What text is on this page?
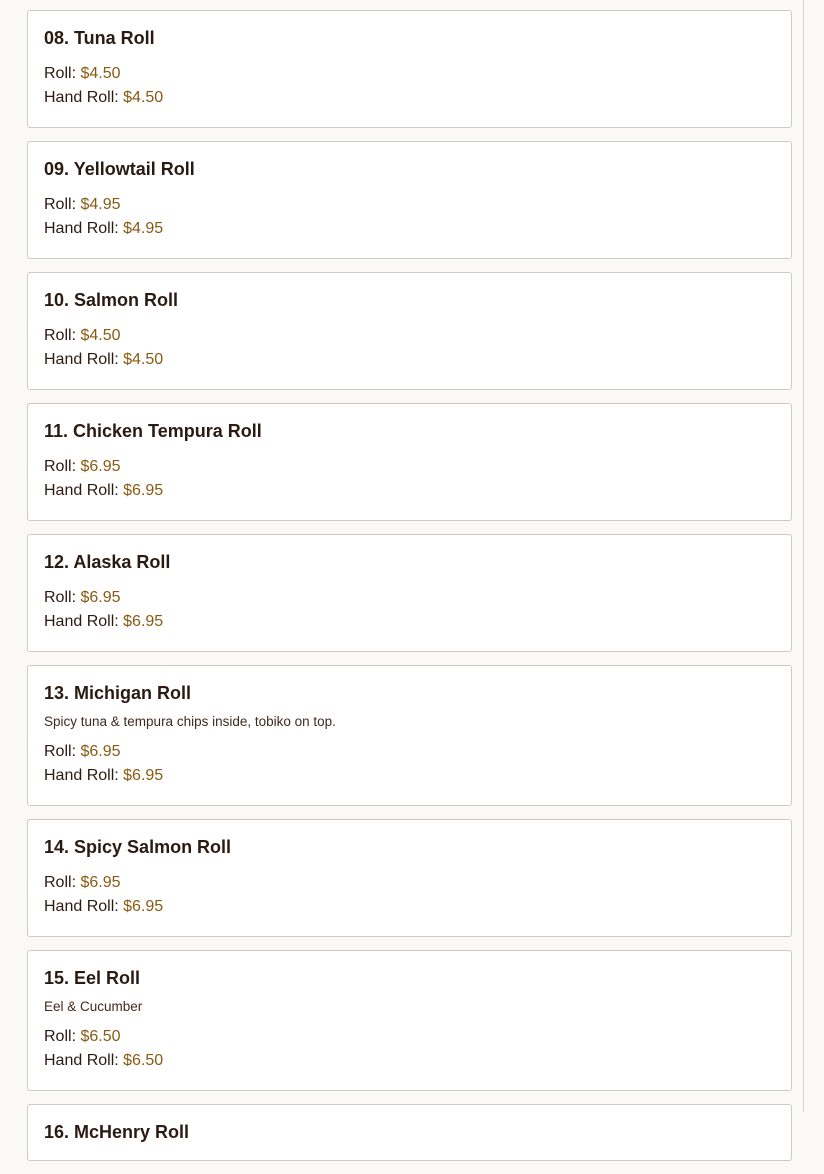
08. Tuna Roll
Roll: $4.50
Hand Roll: $4.50
09. Yellowtail Roll
Roll: $4.95
Hand Roll: $4.95
10. Salmon Roll
Roll: $4.50
Hand Roll: $4.50
11. Chicken Tempura Roll
Roll: $6.95
Hand Roll: $6.95
12. Alaska Roll
Roll: $6.95
Hand Roll: $6.95
13. Michigan Roll

Spicy tuna & tempura chips inside, tobiko on top.

Roll: $6.95
Hand Roll: $6.95
14. Spicy Salmon Roll
Roll: $6.95
Hand Roll: $6.95
15. Eel Roll

Eel & Cucumber

Roll: $6.50
Hand Roll: $6.50
16. McHenry Roll
